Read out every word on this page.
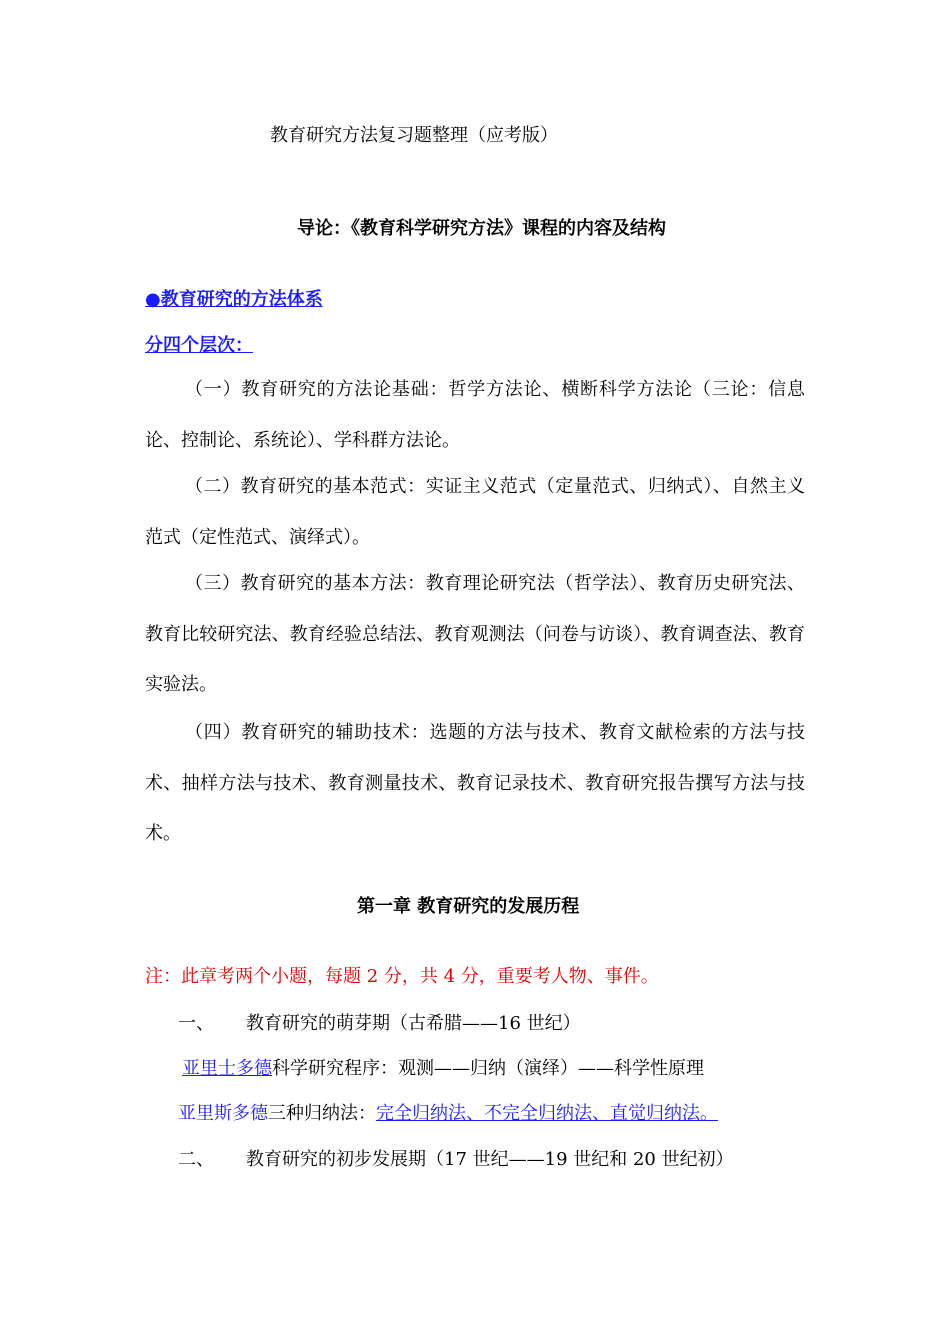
教育研究方法复习题整理（应考版）
导论：《教育科学研究方法》课程的内容及结构
●教育研究的方法体系
分四个层次：
（一）教育研究的方法论基础：哲学方法论、横断科学方法论（三论：信息论、控制论、系统论）、学科群方法论。
（二）教育研究的基本范式：实证主义范式（定量范式、归纳式）、自然主义范式（定性范式、演绎式）。
（三）教育研究的基本方法：教育理论研究法（哲学法）、教育历史研究法、教育比较研究法、教育经验总结法、教育观测法（问卷与访谈）、教育调查法、教育实验法。
（四）教育研究的辅助技术：选题的方法与技术、教育文献检索的方法与技术、抽样方法与技术、教育测量技术、教育记录技术、教育研究报告撰写方法与技术。
第一章 教育研究的发展历程
注：此章考两个小题，每题 2 分，共 4 分，重要考人物、事件。
一、 教育研究的萌芽期（古希腊——16 世纪）
亚里士多德科学研究程序：观测——归纳（演绎）——科学性原理
亚里斯多德三种归纳法：完全归纳法、不完全归纳法、直觉归纳法。
二、 教育研究的初步发展期（17 世纪——19 世纪和 20 世纪初）
